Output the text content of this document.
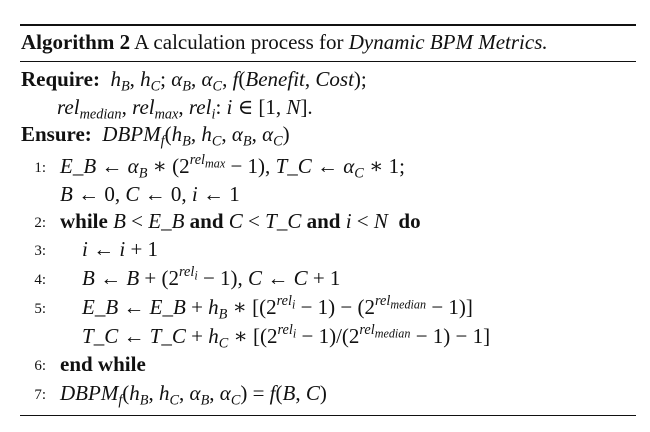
Algorithm 2 A calculation process for Dynamic BPM Metrics.
Require: $h_B$, $h_C$; $\alpha_B$, $\alpha_C$, f(Benefit, Cost);
rel$_{median}$, rel$_{max}$, rel$_i$: i ∈ [1, N].
Ensure: $DBPM_f(h_B$, $h_C$, $\alpha_B$, $\alpha_C$)
1: E_B ← $\alpha_B$ ∗ $(2^{rel_{max}} - 1)$, T_C ← $\alpha_C$ ∗ 1;
B ← 0, C ← 0, i ← 1
2: while B < E_B and C < T_C and i < N do
3: i ← i + 1
4: B ← $B + (2^{rel_i} - 1)$, C ← C + 1
5: E_B ← E_B + $h_B$ ∗ $[(2^{rel_i} - 1) - (2^{rel_{median}} - 1)]$
T_C ← T_C + $h_C$ ∗ $[(2^{rel_i} - 1)/(2^{rel_{median}} - 1) - 1]$
6: end while
7: $DBPM_f(h_B$, $h_C$, $\alpha_B$, $\alpha_C) = f(B$, C)
